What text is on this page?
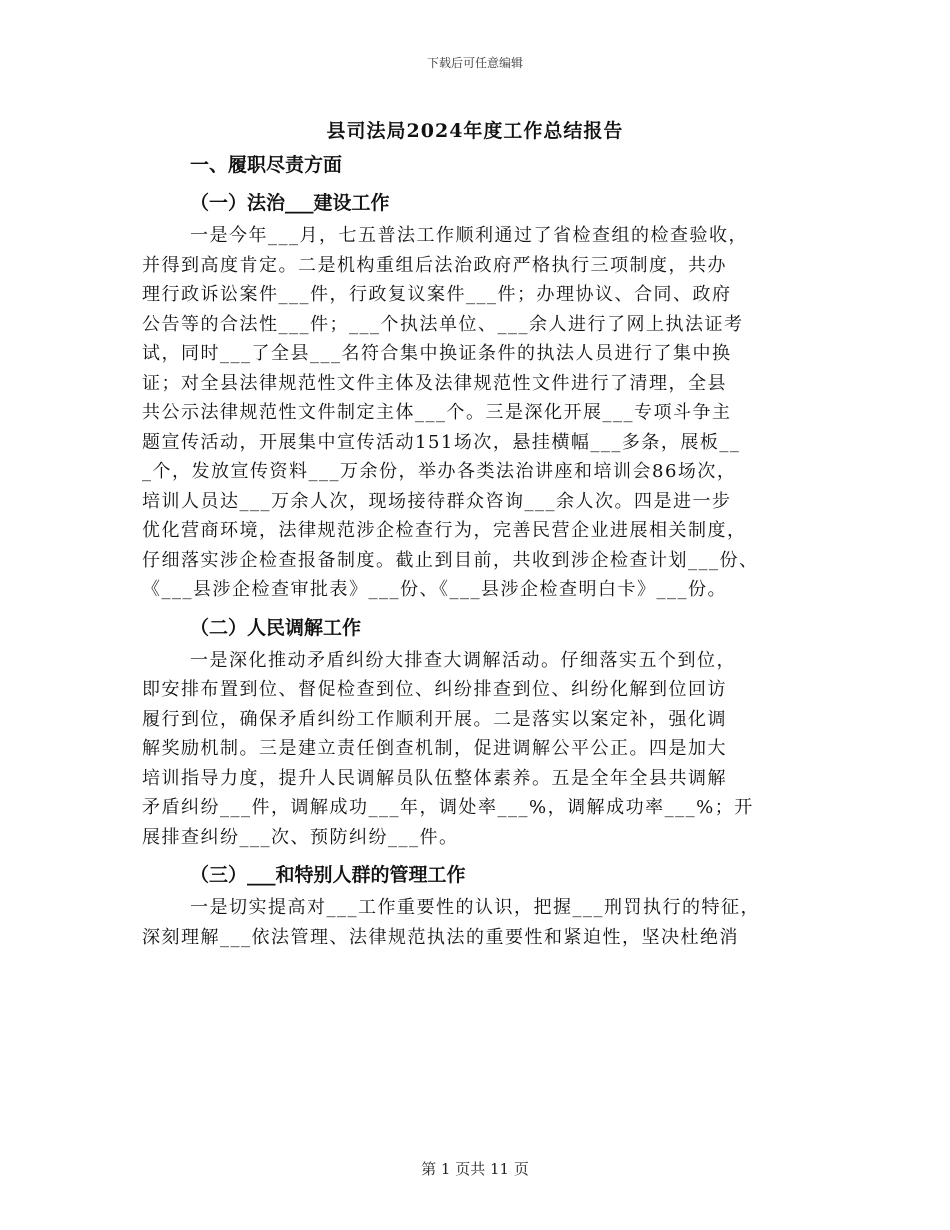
下载后可任意编辑
县司法局2024年度工作总结报告
一、履职尽责方面
（一）法治___建设工作
一是今年___月，七五普法工作顺利通过了省检查组的检查验收，
并得到高度肯定。二是机构重组后法治政府严格执行三项制度，共办
理行政诉讼案件___件，行政复议案件___件；办理协议、合同、政府
公告等的合法性___件；___个执法单位、___余人进行了网上执法证考
试，同时___了全县___名符合集中换证条件的执法人员进行了集中换
证；对全县法律规范性文件主体及法律规范性文件进行了清理，全县
共公示法律规范性文件制定主体___个。三是深化开展___专项斗争主
题宣传活动，开展集中宣传活动151场次，悬挂横幅___多条，展板__
_个，发放宣传资料___万余份，举办各类法治讲座和培训会86场次，
培训人员达___万余人次，现场接待群众咨询___余人次。四是进一步
优化营商环境，法律规范涉企检查行为，完善民营企业进展相关制度，
仔细落实涉企检查报备制度。截止到目前，共收到涉企检查计划___份、
《___县涉企检查审批表》___份、《___县涉企检查明白卡》___份。
（二）人民调解工作
一是深化推动矛盾纠纷大排查大调解活动。仔细落实五个到位，
即安排布置到位、督促检查到位、纠纷排查到位、纠纷化解到位回访
履行到位，确保矛盾纠纷工作顺利开展。二是落实以案定补，强化调
解奖励机制。三是建立责任倒查机制，促进调解公平公正。四是加大
培训指导力度，提升人民调解员队伍整体素养。五是全年全县共调解
矛盾纠纷___件，调解成功___年，调处率___%，调解成功率___%；开
展排查纠纷___次、预防纠纷___件。
（三）___和特别人群的管理工作
一是切实提高对___工作重要性的认识，把握___刑罚执行的特征，
深刻理解___依法管理、法律规范执法的重要性和紧迫性，坚决杜绝消
第 1 页共 11 页
